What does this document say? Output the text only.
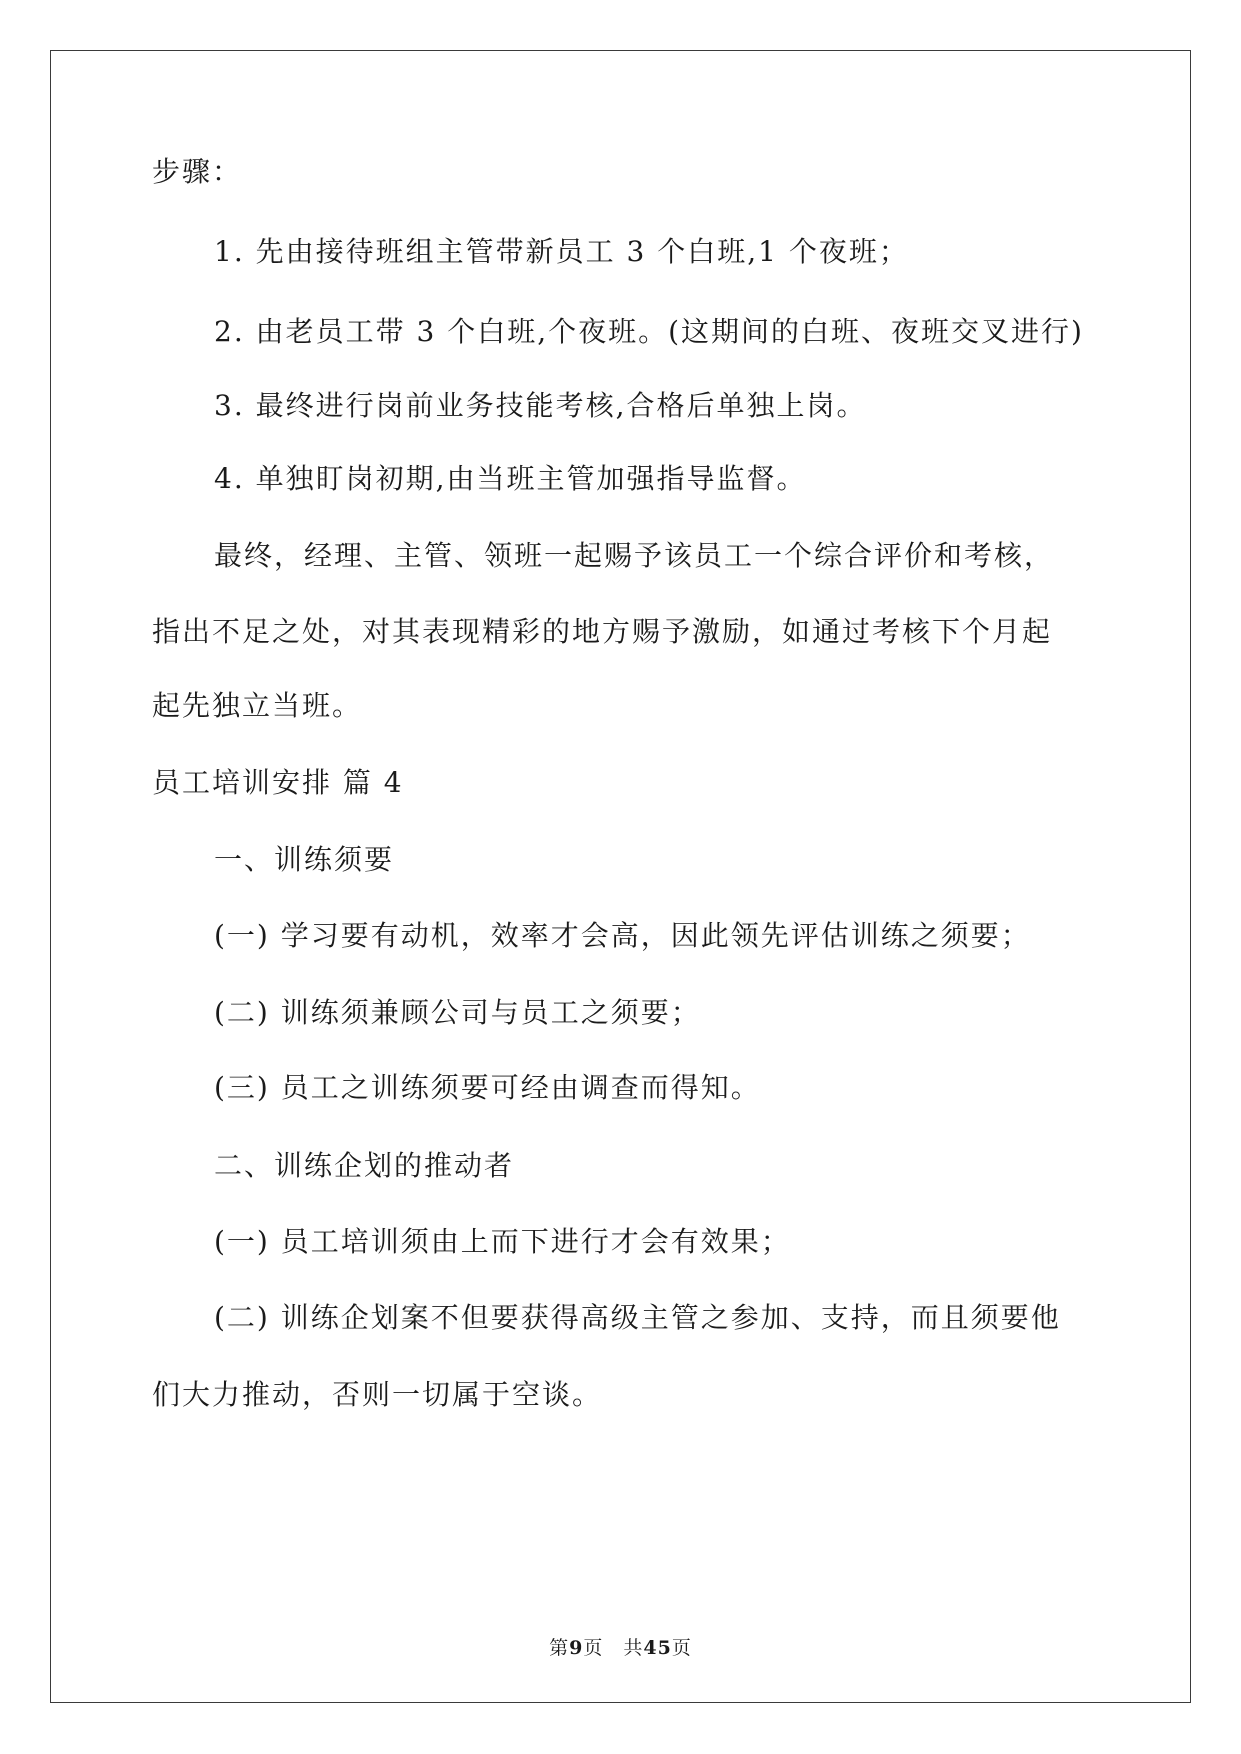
步骤：
1. 先由接待班组主管带新员工 3 个白班,1 个夜班；
2. 由老员工带 3 个白班,个夜班。(这期间的白班、夜班交叉进行)
3. 最终进行岗前业务技能考核,合格后单独上岗。
4. 单独盯岗初期,由当班主管加强指导监督。
最终，经理、主管、领班一起赐予该员工一个综合评价和考核，
指出不足之处，对其表现精彩的地方赐予激励，如通过考核下个月起
起先独立当班。
员工培训安排 篇 4
一、训练须要
(一) 学习要有动机，效率才会高，因此领先评估训练之须要；
(二) 训练须兼顾公司与员工之须要；
(三) 员工之训练须要可经由调查而得知。
二、训练企划的推动者
(一) 员工培训须由上而下进行才会有效果；
(二) 训练企划案不但要获得高级主管之参加、支持，而且须要他
们大力推动，否则一切属于空谈。
第9页　共45页
